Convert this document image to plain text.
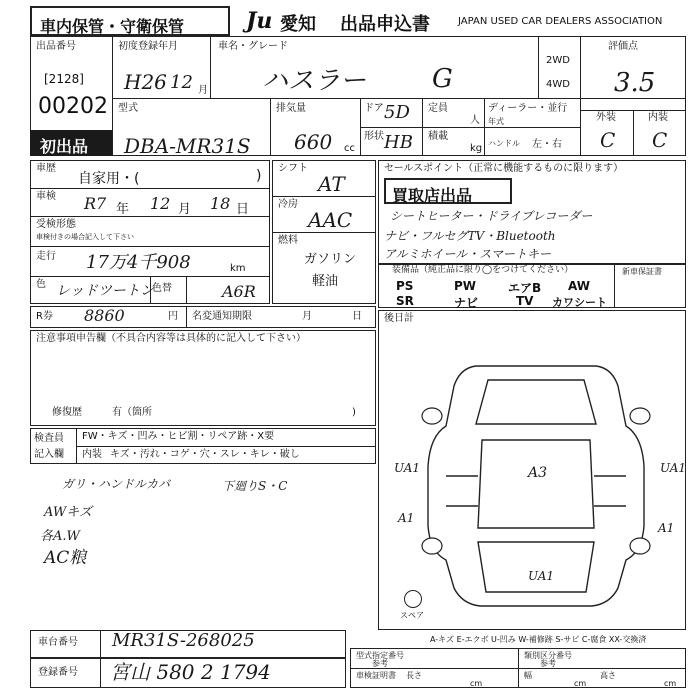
車内保管・守衛保管	Ju 愛知 出品申込書	JAPAN USED CAR DEALERS ASSOCIATION
出品番号
[2128]
00202
初出品
初度登録年月
H26 12 月
車名・グレード
ハスラー	G
2WD
4WD
評価点
3.5
型式
DBA-MR31S
排気量
660 cc
ドア 5D
形状 HB
定員
人
積載
kg
ディーラー・並行
年式
ハンドル 左・右
外装	内装
C C
車歴
自家用・(	)
車検 R7 年 12 月 18 日
受検形態
車検付きの場合記入して下さい
走行 17万4千908	km
色 レッドツートン
色替	A6R
シフト
AT
冷房
AAC
燃料
ガソリン
軽油
セールスポイント（正常に機能するものに限ります）
買取店出品
シートヒーター・ドライブレコーダー
ナビ・フルセグTV・Bluetooth
アルミホイール・スマートキー
装備品（純正品に限り◯をつけてください）	新車保証書
PS	PW	エアB AW
SR	ナビ	TV カワシート
R券 8860	円 名変通知期限	月	日
注意事項申告欄（不具合内容等は具体的に記入して下さい）
修復歴	有（箇所	)
検査員
記入欄
FW・キズ・凹み・ヒビ割・リペア跡・X要
内装 キズ・汚れ・コゲ・穴・スレ・キレ・破し
ガリ・ハンドルカバ	下廻りS・C
AWキズ
各A.W
AC粮
後日計
UA1	UA1
A3
A1
A1
UA1
スペア
A-キズ E-エクボ U-凹み W-補修跡 S-サビ C-腐食 XX-交換済
車台番号 MR31S-268025
登録番号 宮山 580 2 1794
型式指定番号
参考
類別区分番号
参考
車検証明書 長さ
cm
幅
cm
高さ
cm
